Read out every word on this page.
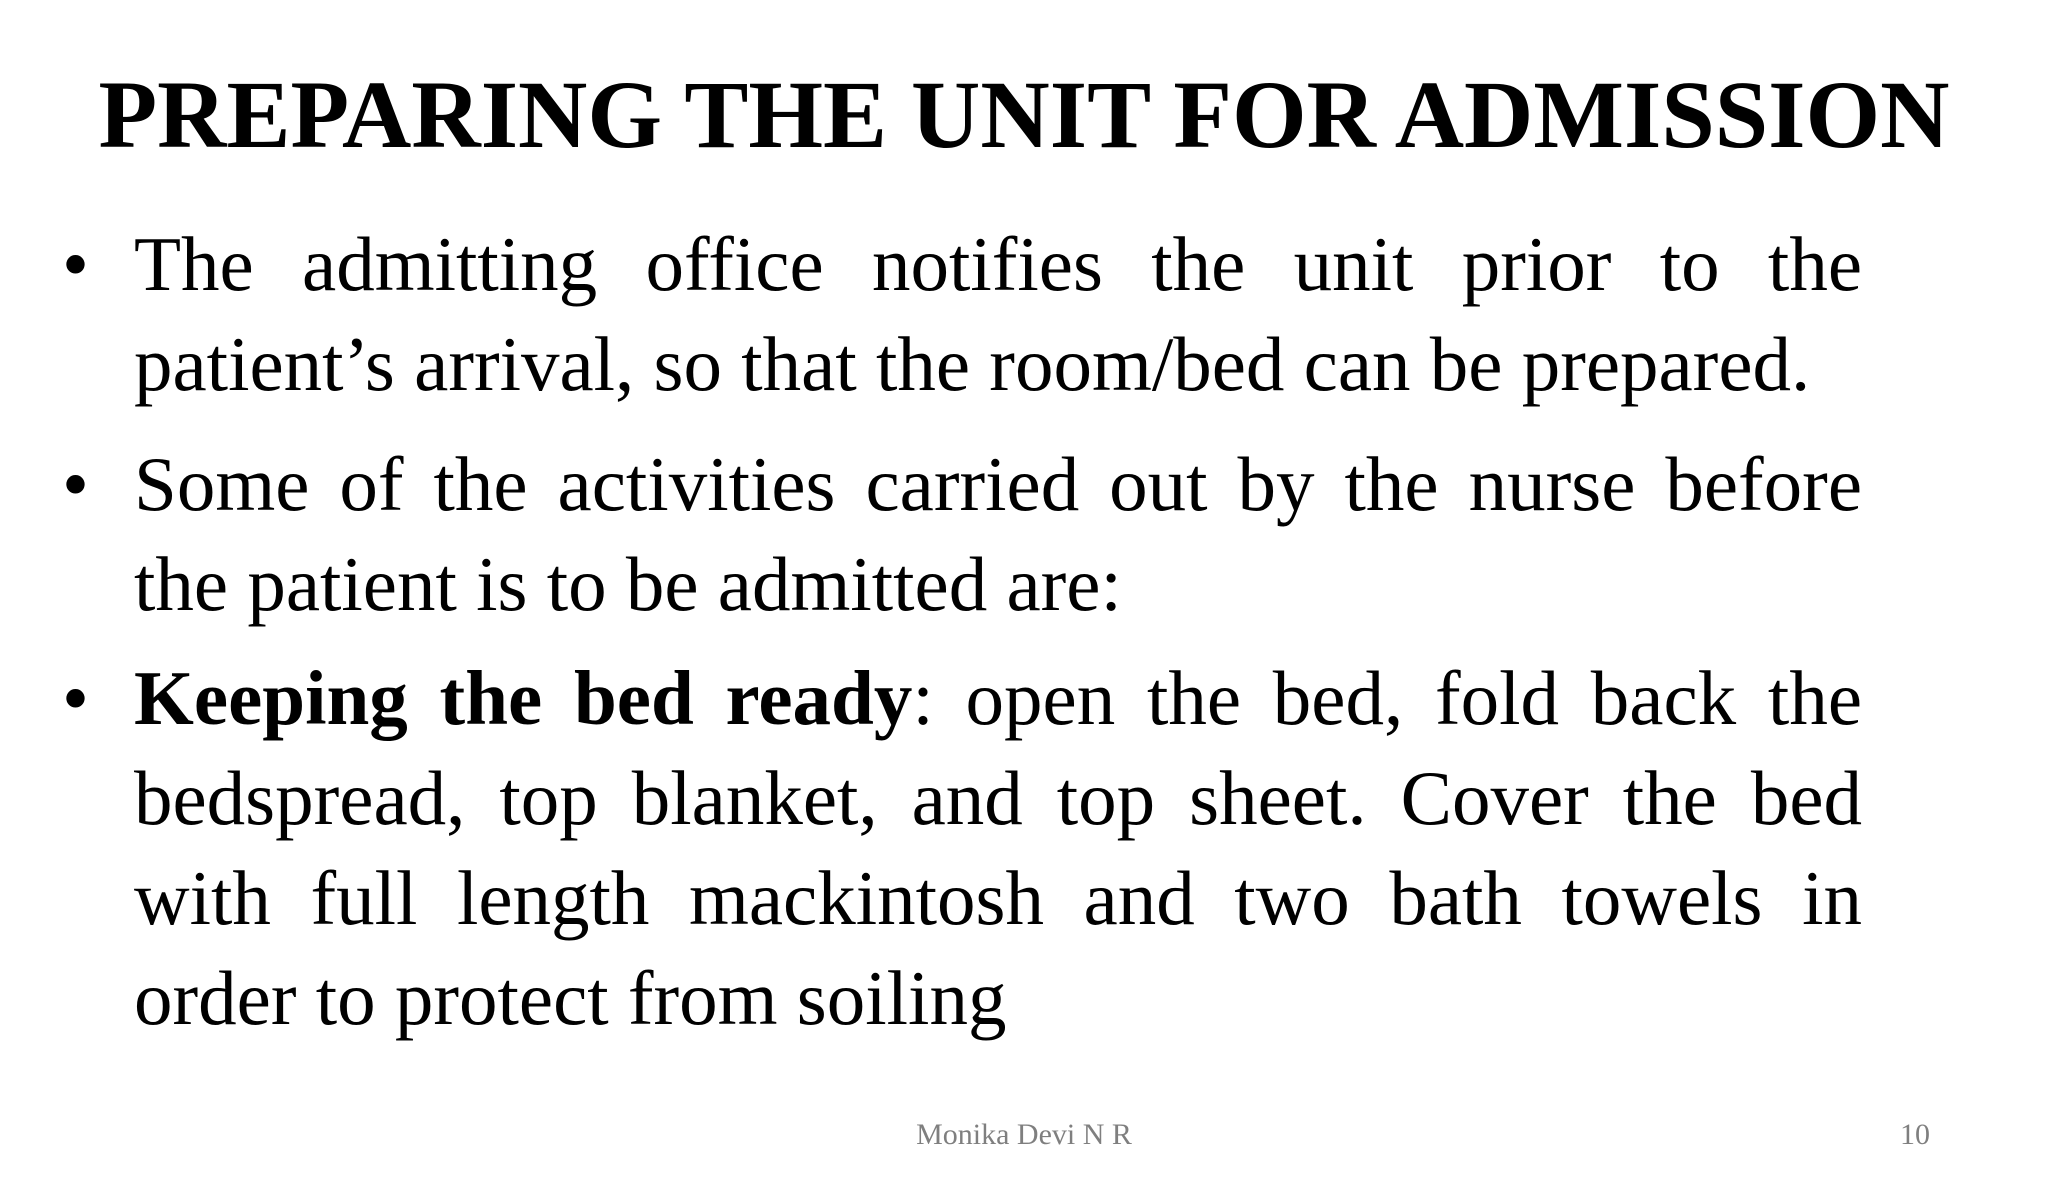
PREPARING THE UNIT FOR ADMISSION
• The admitting office notifies the unit prior to the patient’s arrival, so that the room/bed can be prepared.
• Some of the activities carried out by the nurse before the patient is to be admitted are:
• Keeping the bed ready: open the bed, fold back the bedspread, top blanket, and top sheet. Cover the bed with full length mackintosh and two bath towels in order to protect from soiling
Monika Devi N R	10
